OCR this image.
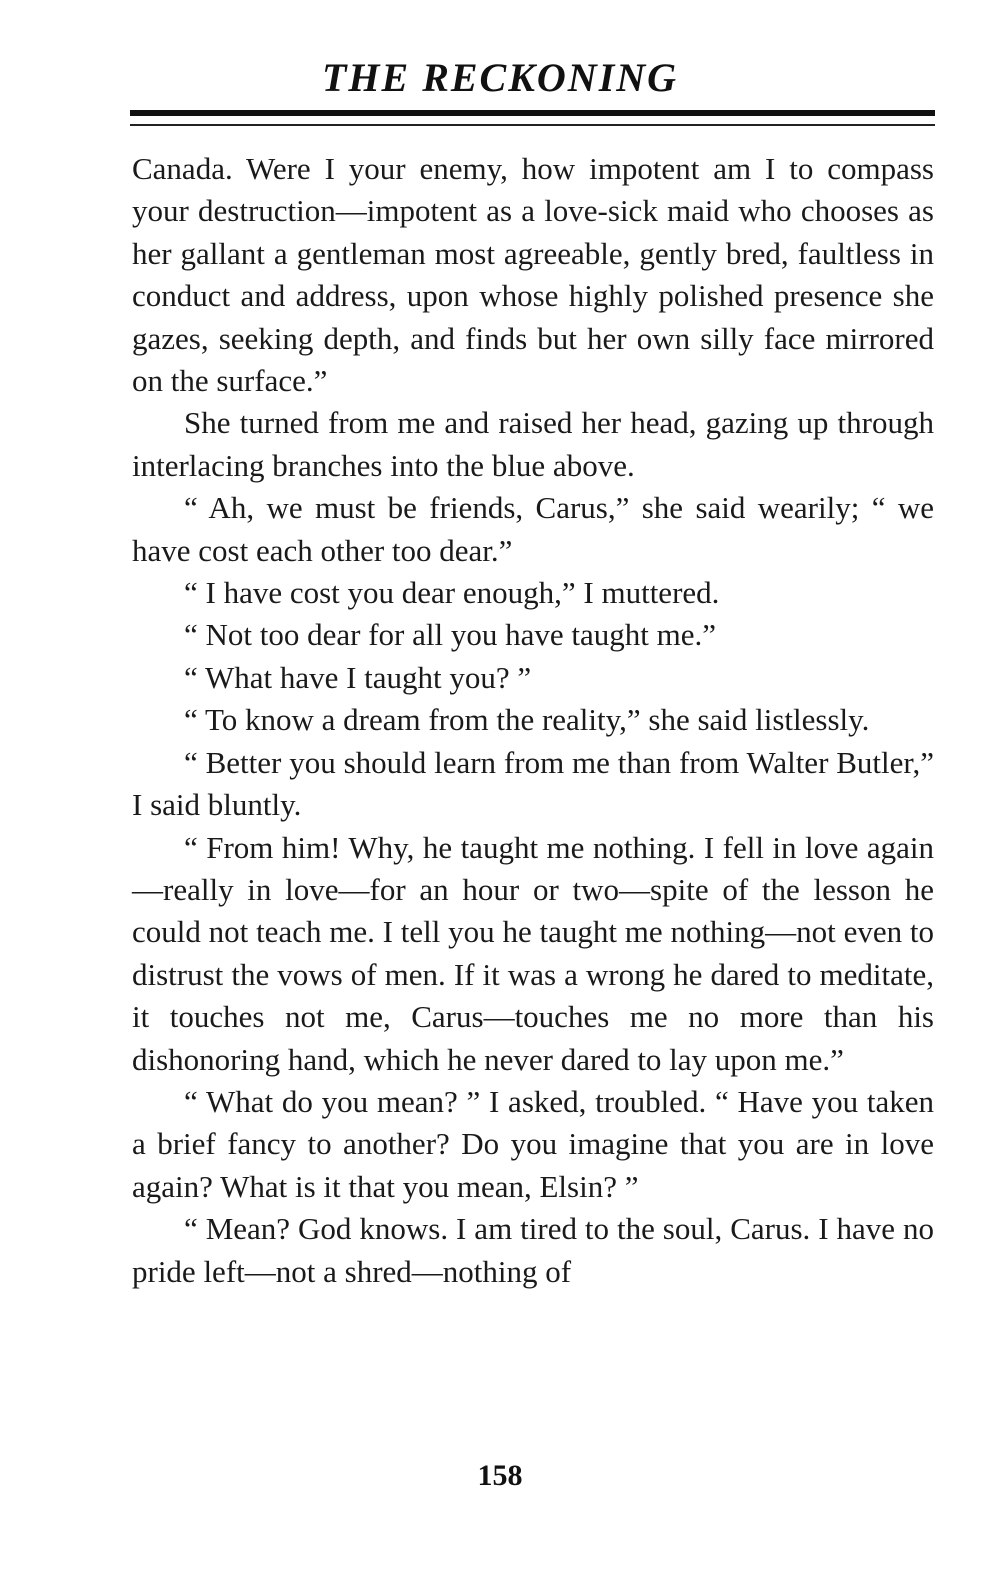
THE RECKONING

Canada. Were I your enemy, how impotent am I to compass your destruction—impotent as a love-sick maid who chooses as her gallant a gentleman most agreeable, gently bred, faultless in conduct and address, upon whose highly polished presence she gazes, seeking depth, and finds but her own silly face mirrored on the surface.”

She turned from me and raised her head, gazing up through interlacing branches into the blue above.

“ Ah, we must be friends, Carus,” she said wearily; “ we have cost each other too dear.”

“ I have cost you dear enough,” I muttered.

“ Not too dear for all you have taught me.”

“ What have I taught you? ”

“ To know a dream from the reality,” she said listlessly.

“ Better you should learn from me than from Walter Butler,” I said bluntly.

“ From him! Why, he taught me nothing. I fell in love again—really in love—for an hour or two—spite of the lesson he could not teach me. I tell you he taught me nothing—not even to distrust the vows of men. If it was a wrong he dared to meditate, it touches not me, Carus—touches me no more than his dishonoring hand, which he never dared to lay upon me.”

“ What do you mean? ” I asked, troubled. “ Have you taken a brief fancy to another? Do you imagine that you are in love again? What is it that you mean, Elsin? ”

“ Mean? God knows. I am tired to the soul, Carus. I have no pride left—not a shred—nothing of

158
